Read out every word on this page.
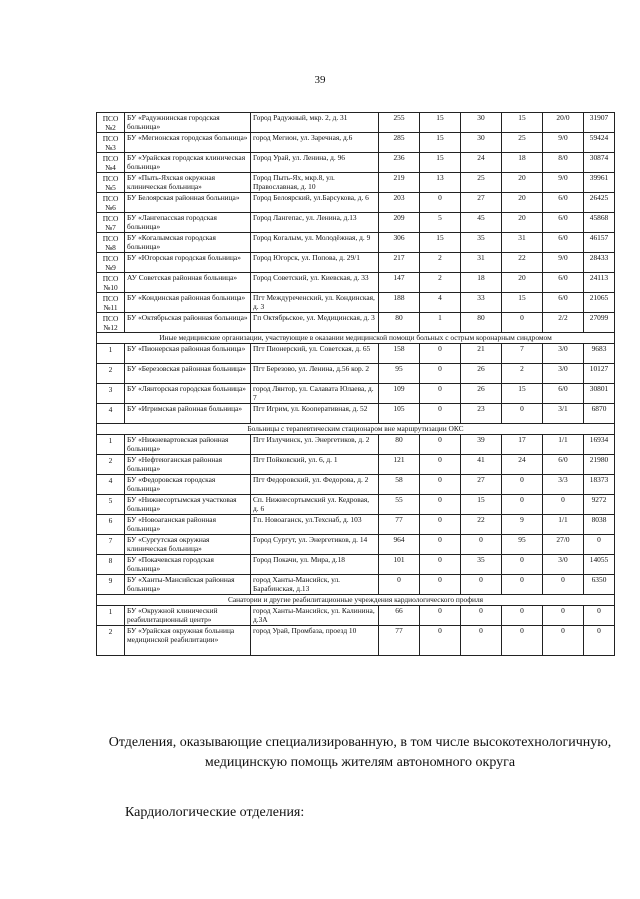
39
ПСО №2	БУ «Радужнинская городская больница»	Город Радужный, мкр. 2, д. 31	255	15	30	15	20/0	31907
ПСО №3	БУ «Мегионская городская больница»	город Мегион, ул. Заречная, д.6	285	15	30	25	9/0	59424
ПСО №4	БУ «Урайская городская клиническая больница»	Город Урай, ул. Ленина, д. 96	236	15	24	18	8/0	30874
ПСО №5	БУ «Пыть-Яхская окружная клиническая больница»	Город Пыть-Ях, мкр.8, ул. Православная, д. 10	219	13	25	20	9/0	39961
ПСО №6	БУ Белоярская районная больница»	Город Белоярский, ул.Барсукова, д. 6	203	0	27	20	6/0	26425
ПСО №7	БУ «Лангепасская городская больница»	Город Лангепас, ул. Ленина, д.13	209	5	45	20	6/0	45868
ПСО №8	БУ «Когалымская городская больница»	Город Когалым, ул. Молодёжная, д. 9	306	15	35	31	6/0	46157
ПСО №9	БУ «Югорская городская больница»	Город Югорск, ул. Попова, д. 29/1	217	2	31	22	9/0	28433
ПСО №10	АУ Советская районная больница»	Город Советский, ул. Киевская, д. 33	147	2	18	20	6/0	24113
ПСО №11	БУ «Кондинская районная больница»	Пгт Междуреченский, ул. Кондинская, д. 3	188	4	33	15	6/0	21065
ПСО №12	БУ «Октябрьская районная больница»	Гп Октябрьское, ул. Медицинская, д. 3	80	1	80	0	2/2	27099
Иные медицинские организации, участвующие в оказании медицинской помощи больных с острым коронарным синдромом								
1	БУ «Пионерская районная больница»	Пгт Пионерский, ул. Советская, д. 65	158	0	21	7	3/0	9683
2	БУ «Березовская районная больница»	Пгт Березово, ул. Ленина, д.56 кор. 2	95	0	26	2	3/0	10127
3	БУ «Лянторская городская больница»	город Лянтор, ул. Салавата Юлаева, д. 7	109	0	26	15	6/0	30801
4	БУ «Игримская районная больница»	Пгт Игрим, ул. Кооперативная, д. 52	105	0	23	0	3/1	6870
Больницы с терапевтическим стационаром вне маршрутизации ОКС								
1	БУ «Нижневартовская районная больница»	Пгт Излучинск, ул. Энергетиков, д. 2	80	0	39	17	1/1	16934
2	БУ «Нефтеюганская районная больница»	Пгт Пойковский, ул. 6, д. 1	121	0	41	24	6/0	21980
4	БУ «Федоровская городская больница»	Пгт Федоровский, ул. Федорова, д. 2	58	0	27	0	3/3	18373
5	БУ «Нижнесортымская участковая больница»	Сп. Нижнесортымский ул. Кедровая, д. 6	55	0	15	0	0	9272
6	БУ «Новоаганская районная больница»	Гп. Новоаганск, ул.Техснаб, д. 103	77	0	22	9	1/1	8038
7	БУ «Сургутская окружная клиническая больница»	Город Сургут, ул. Энергетиков, д. 14	964	0	0	95	27/0	0
8	БУ «Покачевская городская больница»	Город Покачи, ул. Мира, д.18	101	0	35	0	3/0	14055
9	БУ «Ханты-Мансийская районная больница»	город Ханты-Мансийск, ул. Барабинская, д.13	0	0	0	0	0	6350
Санатории и другие реабилитационные учреждения кардиологического профиля								
1	БУ «Окружной клинический реабилитационный центр»	город Ханты-Мансийск, ул. Калинина, д.3А	66	0	0	0	0	0
2	БУ «Урайская окружная больница медицинской реабилитации»	город Урай, Промбаза, проезд 10	77	0	0	0	0	0
Отделения, оказывающие специализированную, в том числе высокотехнологичную, медицинскую помощь жителям автономного округа
Кардиологические отделения:
